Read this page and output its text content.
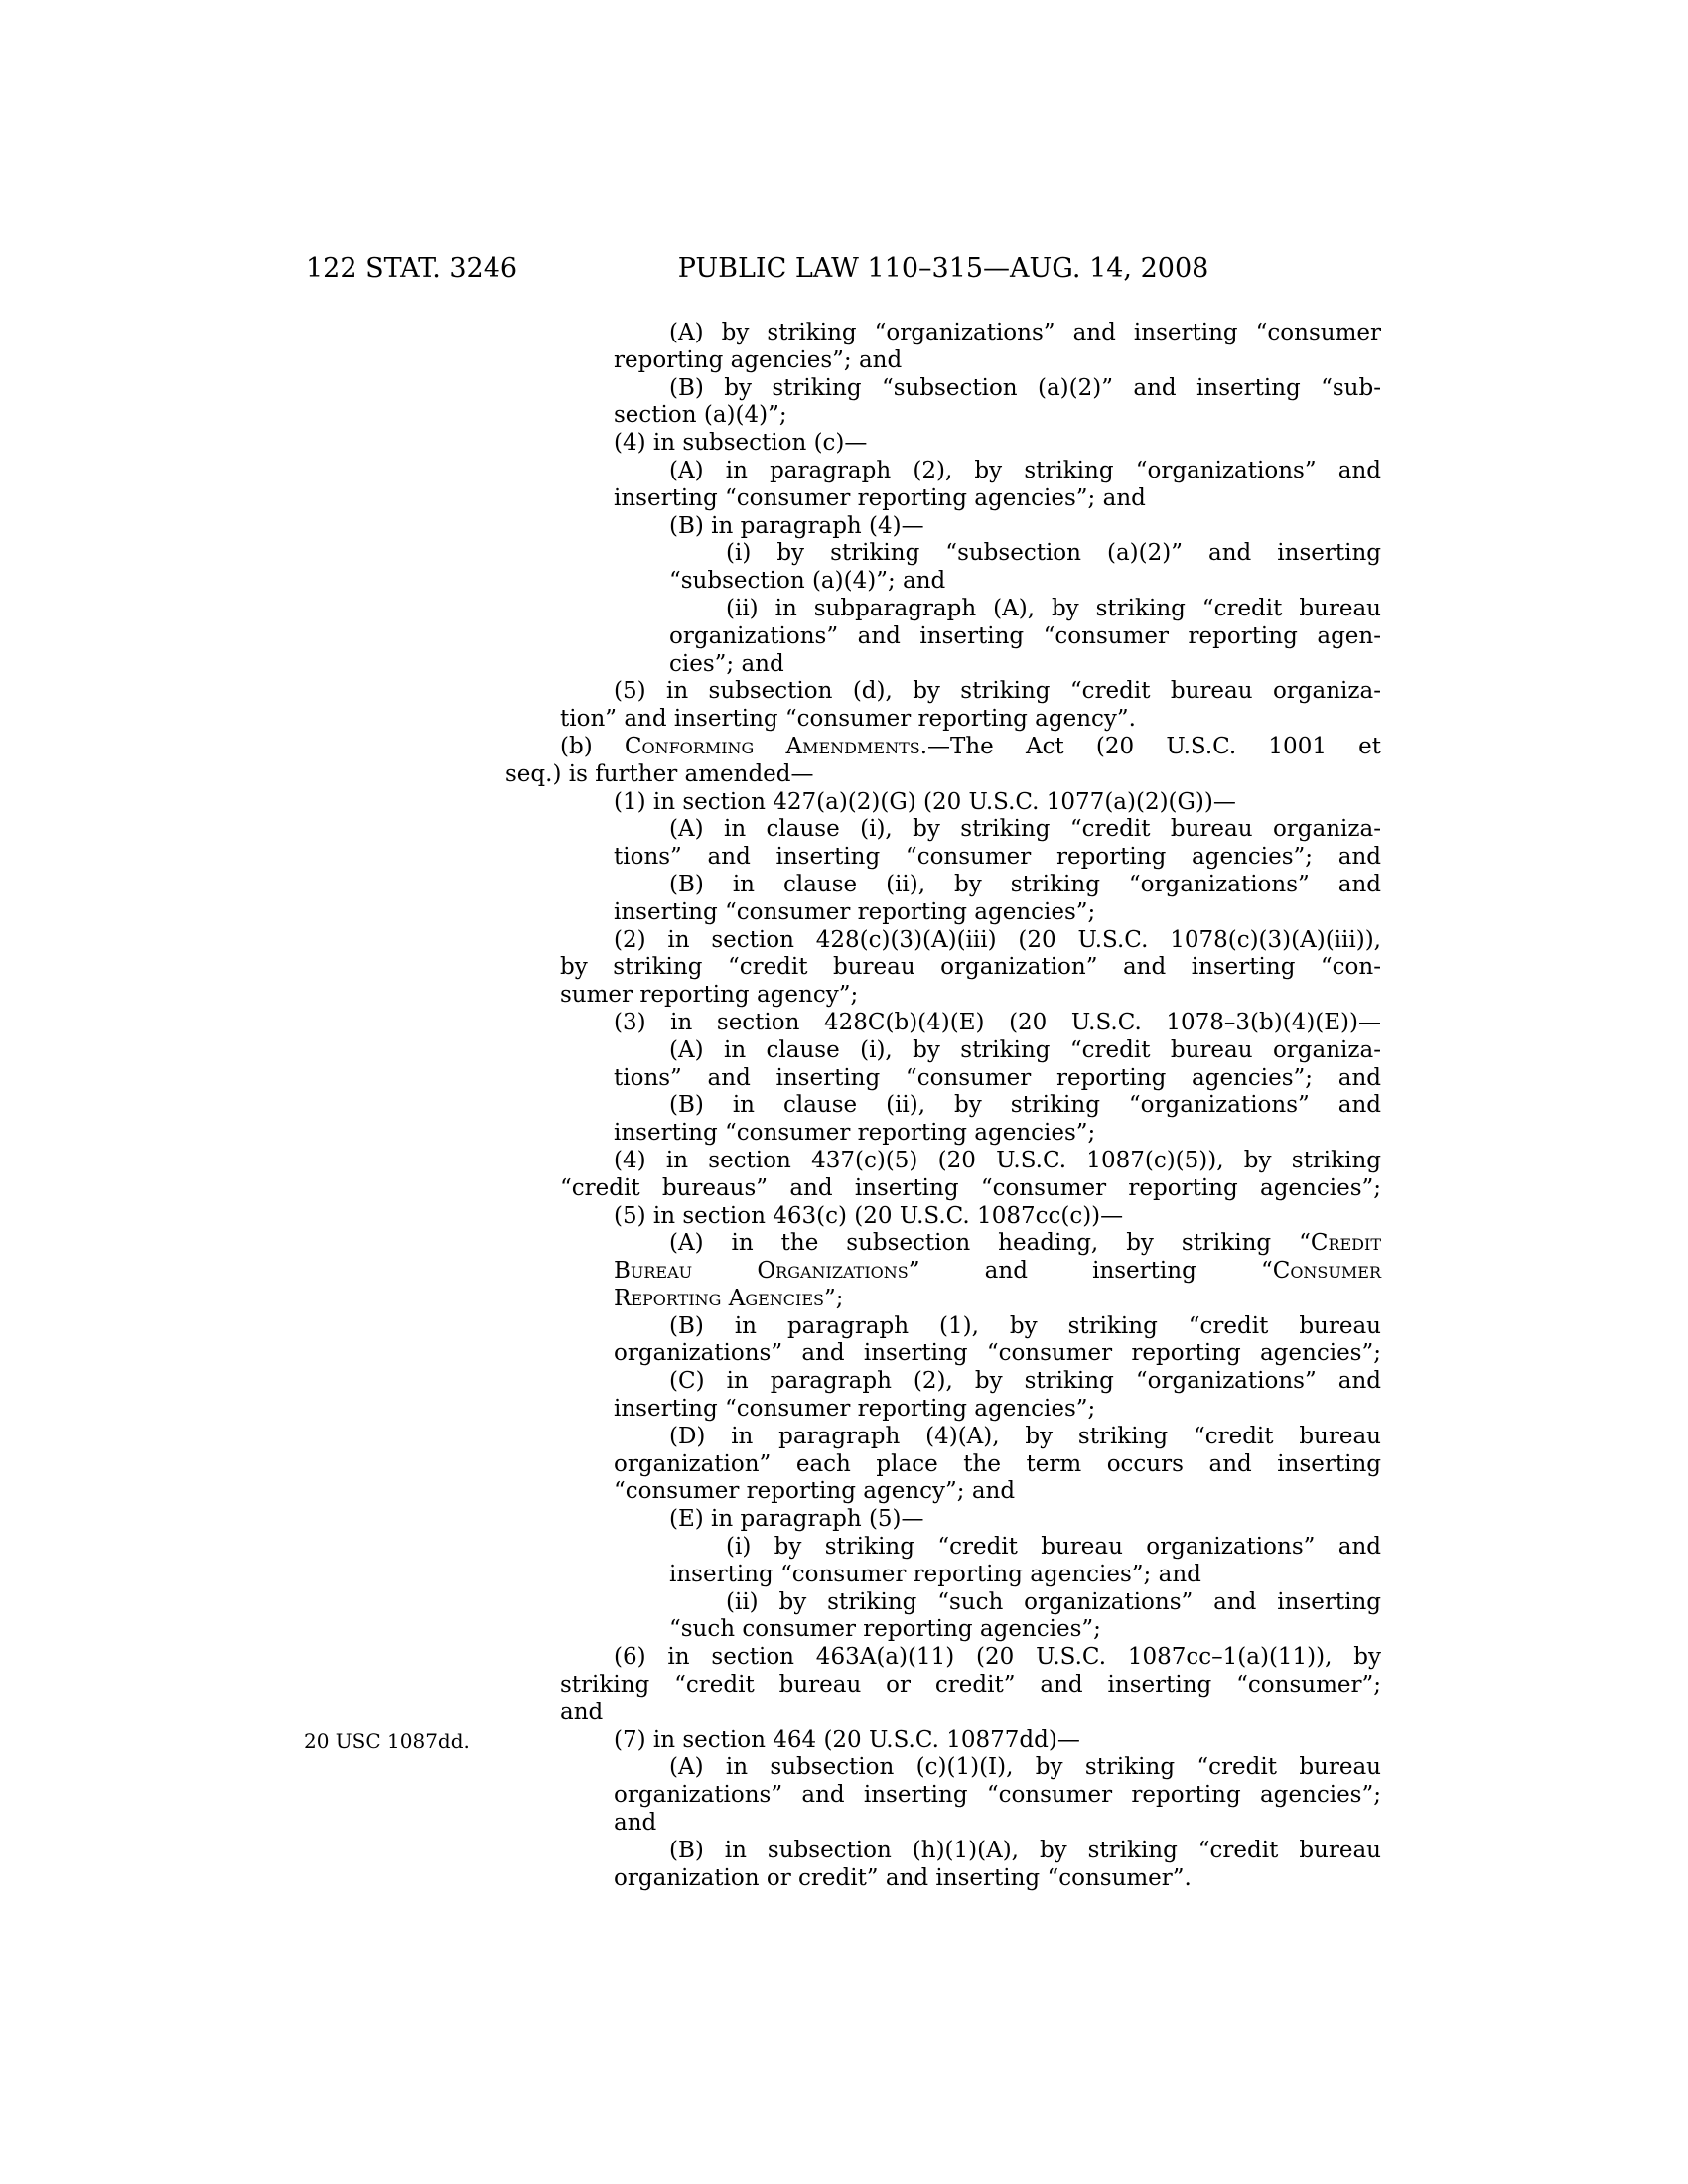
122 STAT. 3246	PUBLIC LAW 110–315—AUG. 14, 2008
20 USC 1087dd.
(A) by striking “organizations” and inserting “consumer
reporting agencies”; and
(B) by striking “subsection (a)(2)” and inserting “sub-
section (a)(4)”;
(4) in subsection (c)—
(A) in paragraph (2), by striking “organizations” and
inserting “consumer reporting agencies”; and
(B) in paragraph (4)—
(i) by striking “subsection (a)(2)” and inserting
“subsection (a)(4)”; and
(ii) in subparagraph (A), by striking “credit bureau
organizations” and inserting “consumer reporting agen-
cies”; and
(5) in subsection (d), by striking “credit bureau organiza-
tion” and inserting “consumer reporting agency”.
(b) Conforming Amendments.—The Act (20 U.S.C. 1001 et
seq.) is further amended—
(1) in section 427(a)(2)(G) (20 U.S.C. 1077(a)(2)(G))—
(A) in clause (i), by striking “credit bureau organiza-
tions” and inserting “consumer reporting agencies”; and
(B) in clause (ii), by striking “organizations” and
inserting “consumer reporting agencies”;
(2) in section 428(c)(3)(A)(iii) (20 U.S.C. 1078(c)(3)(A)(iii)),
by striking “credit bureau organization” and inserting “con-
sumer reporting agency”;
(3) in section 428C(b)(4)(E) (20 U.S.C. 1078–3(b)(4)(E))—
(A) in clause (i), by striking “credit bureau organiza-
tions” and inserting “consumer reporting agencies”; and
(B) in clause (ii), by striking “organizations” and
inserting “consumer reporting agencies”;
(4) in section 437(c)(5) (20 U.S.C. 1087(c)(5)), by striking
“credit bureaus” and inserting “consumer reporting agencies”;
(5) in section 463(c) (20 U.S.C. 1087cc(c))—
(A) in the subsection heading, by striking “Credit
Bureau Organizations” and inserting “Consumer
Reporting Agencies”;
(B) in paragraph (1), by striking “credit bureau
organizations” and inserting “consumer reporting agencies”;
(C) in paragraph (2), by striking “organizations” and
inserting “consumer reporting agencies”;
(D) in paragraph (4)(A), by striking “credit bureau
organization” each place the term occurs and inserting
“consumer reporting agency”; and
(E) in paragraph (5)—
(i) by striking “credit bureau organizations” and
inserting “consumer reporting agencies”; and
(ii) by striking “such organizations” and inserting
“such consumer reporting agencies”;
(6) in section 463A(a)(11) (20 U.S.C. 1087cc–1(a)(11)), by
striking “credit bureau or credit” and inserting “consumer”;
and
(7) in section 464 (20 U.S.C. 10877dd)—
(A) in subsection (c)(1)(I), by striking “credit bureau
organizations” and inserting “consumer reporting agencies”;
and
(B) in subsection (h)(1)(A), by striking “credit bureau
organization or credit” and inserting “consumer”.
